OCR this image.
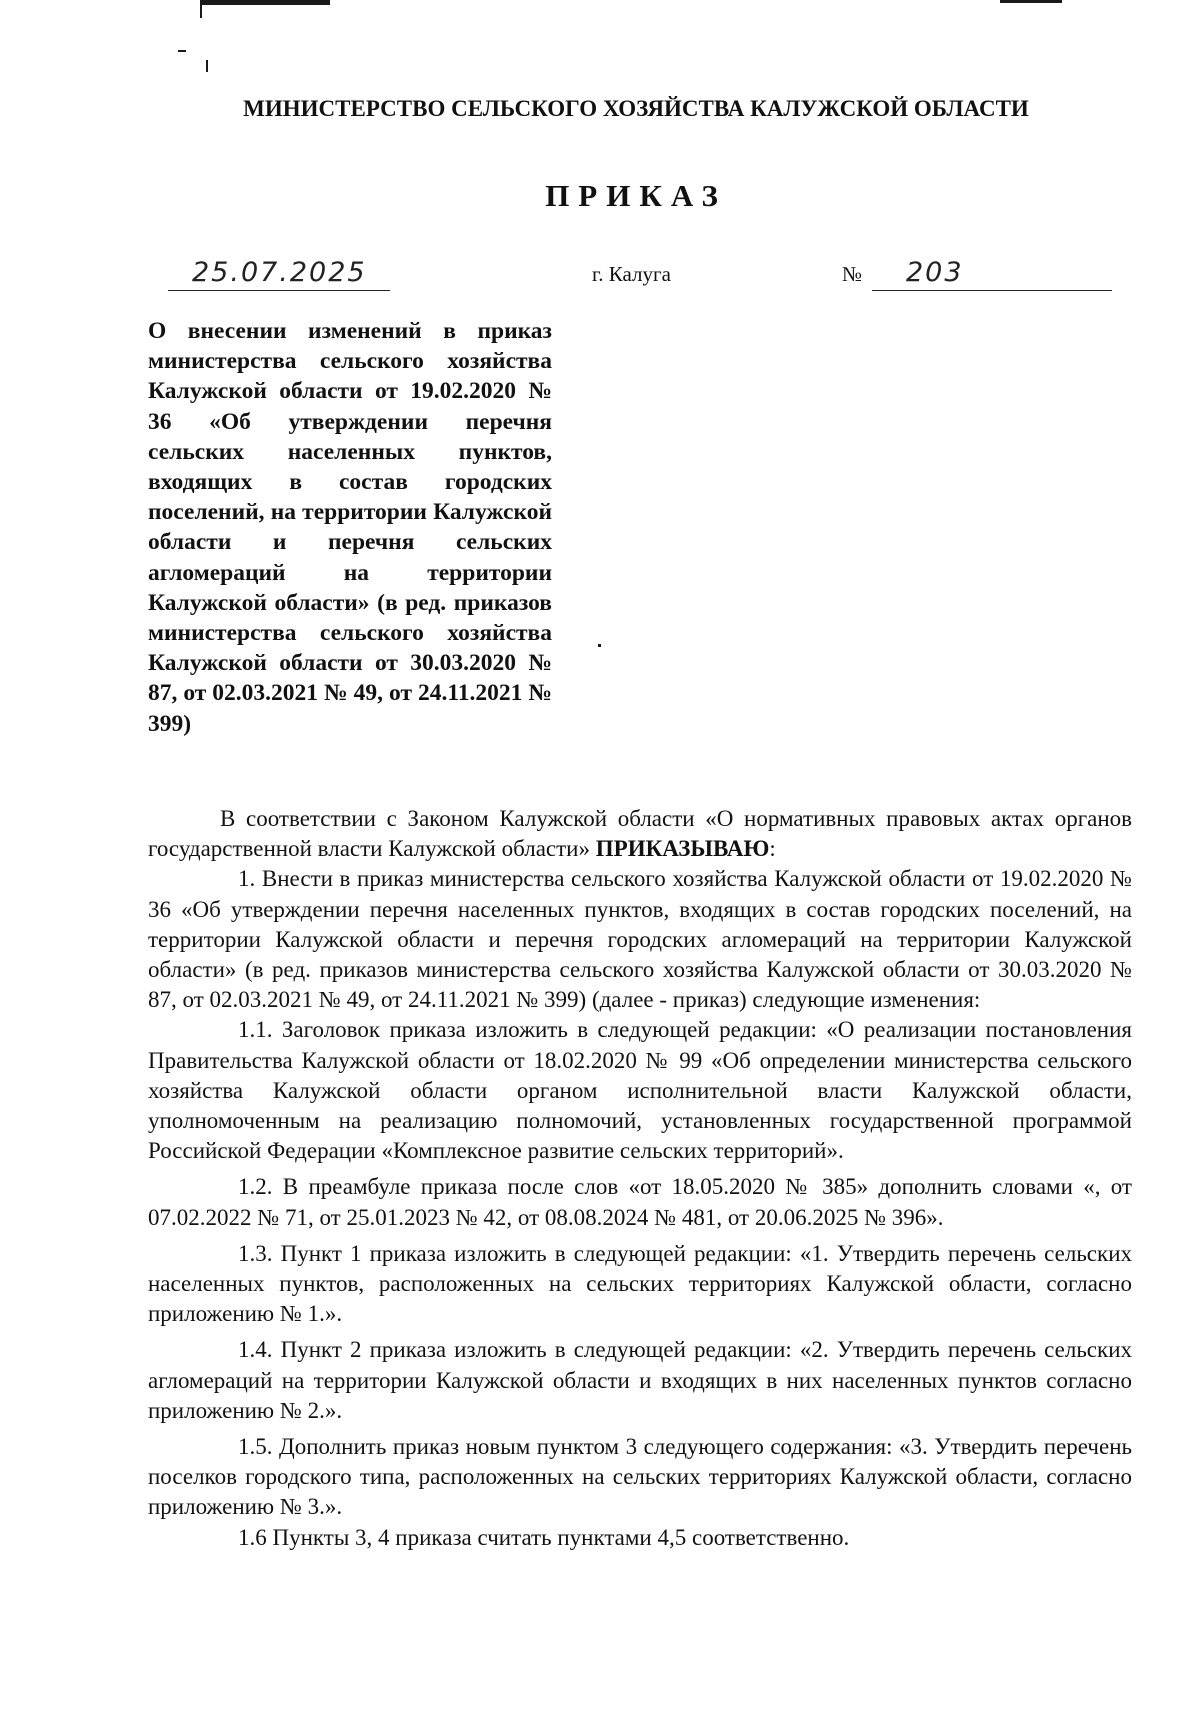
МИНИСТЕРСТВО СЕЛЬСКОГО ХОЗЯЙСТВА КАЛУЖСКОЙ ОБЛАСТИ
ПРИКАЗ
25.07.2025	г. Калуга	№ 203
О внесении изменений в приказ министерства сельского хозяйства Калужской области от 19.02.2020 № 36 «Об утверждении перечня сельских населенных пунктов, входящих в состав городских поселений, на территории Калужской области и перечня сельских агломераций на территории Калужской области» (в ред. приказов министерства сельского хозяйства Калужской области от 30.03.2020 № 87, от 02.03.2021 № 49, от 24.11.2021 № 399)

В соответствии с Законом Калужской области «О нормативных правовых актах органов государственной власти Калужской области» ПРИКАЗЫВАЮ:

1. Внести в приказ министерства сельского хозяйства Калужской области от 19.02.2020 № 36 «Об утверждении перечня населенных пунктов, входящих в состав городских поселений, на территории Калужской области и перечня городских агломераций на территории Калужской области» (в ред. приказов министерства сельского хозяйства Калужской области от 30.03.2020 № 87, от 02.03.2021 № 49, от 24.11.2021 № 399) (далее - приказ) следующие изменения:

1.1. Заголовок приказа изложить в следующей редакции: «О реализации постановления Правительства Калужской области от 18.02.2020 № 99 «Об определении министерства сельского хозяйства Калужской области органом исполнительной власти Калужской области, уполномоченным на реализацию полномочий, установленных государственной программой Российской Федерации «Комплексное развитие сельских территорий».

1.2. В преамбуле приказа после слов «от 18.05.2020 № 385» дополнить словами «, от 07.02.2022 № 71, от 25.01.2023 № 42, от 08.08.2024 № 481, от 20.06.2025 № 396».

1.3. Пункт 1 приказа изложить в следующей редакции: «1. Утвердить перечень сельских населенных пунктов, расположенных на сельских территориях Калужской области, согласно приложению № 1.».

1.4. Пункт 2 приказа изложить в следующей редакции: «2. Утвердить перечень сельских агломераций на территории Калужской области и входящих в них населенных пунктов согласно приложению № 2.».

1.5. Дополнить приказ новым пунктом 3 следующего содержания: «3. Утвердить перечень поселков городского типа, расположенных на сельских территориях Калужской области, согласно приложению № 3.».

1.6 Пункты 3, 4 приказа считать пунктами 4,5 соответственно.
